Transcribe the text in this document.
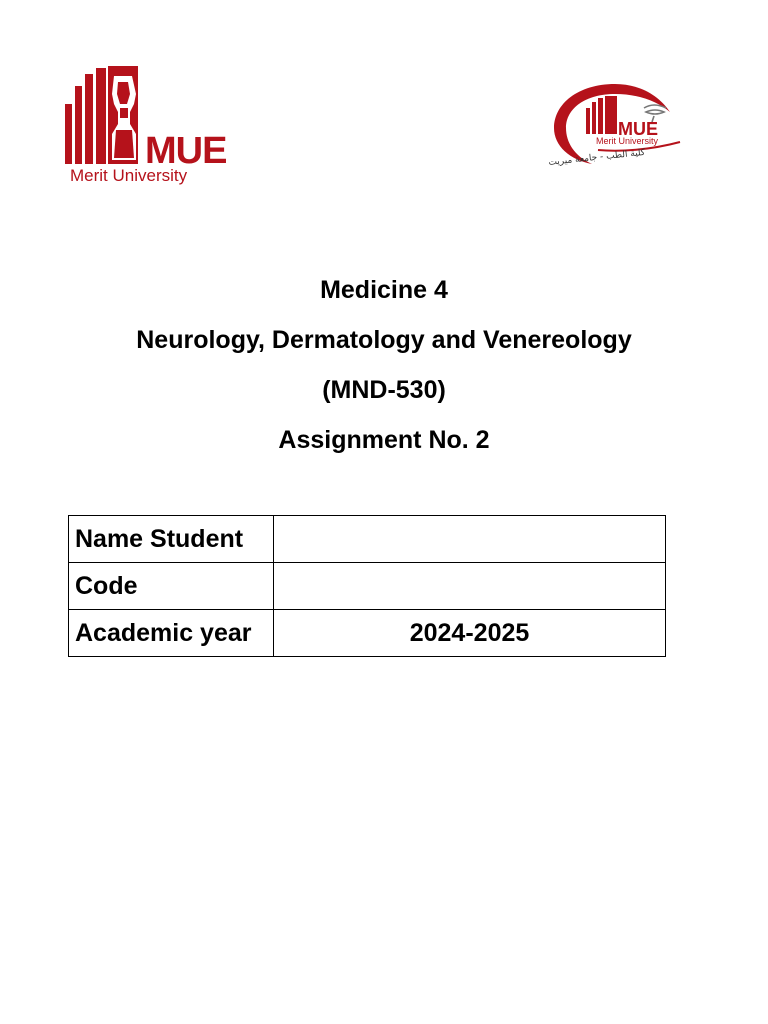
MUE
Merit University
MUE
Merit University
كلية الطب - جامعة ميريت
Medicine 4
Neurology, Dermatology and Venereology
(MND-530)
Assignment No. 2
Name Student	
Code	
Academic year	2024-2025
